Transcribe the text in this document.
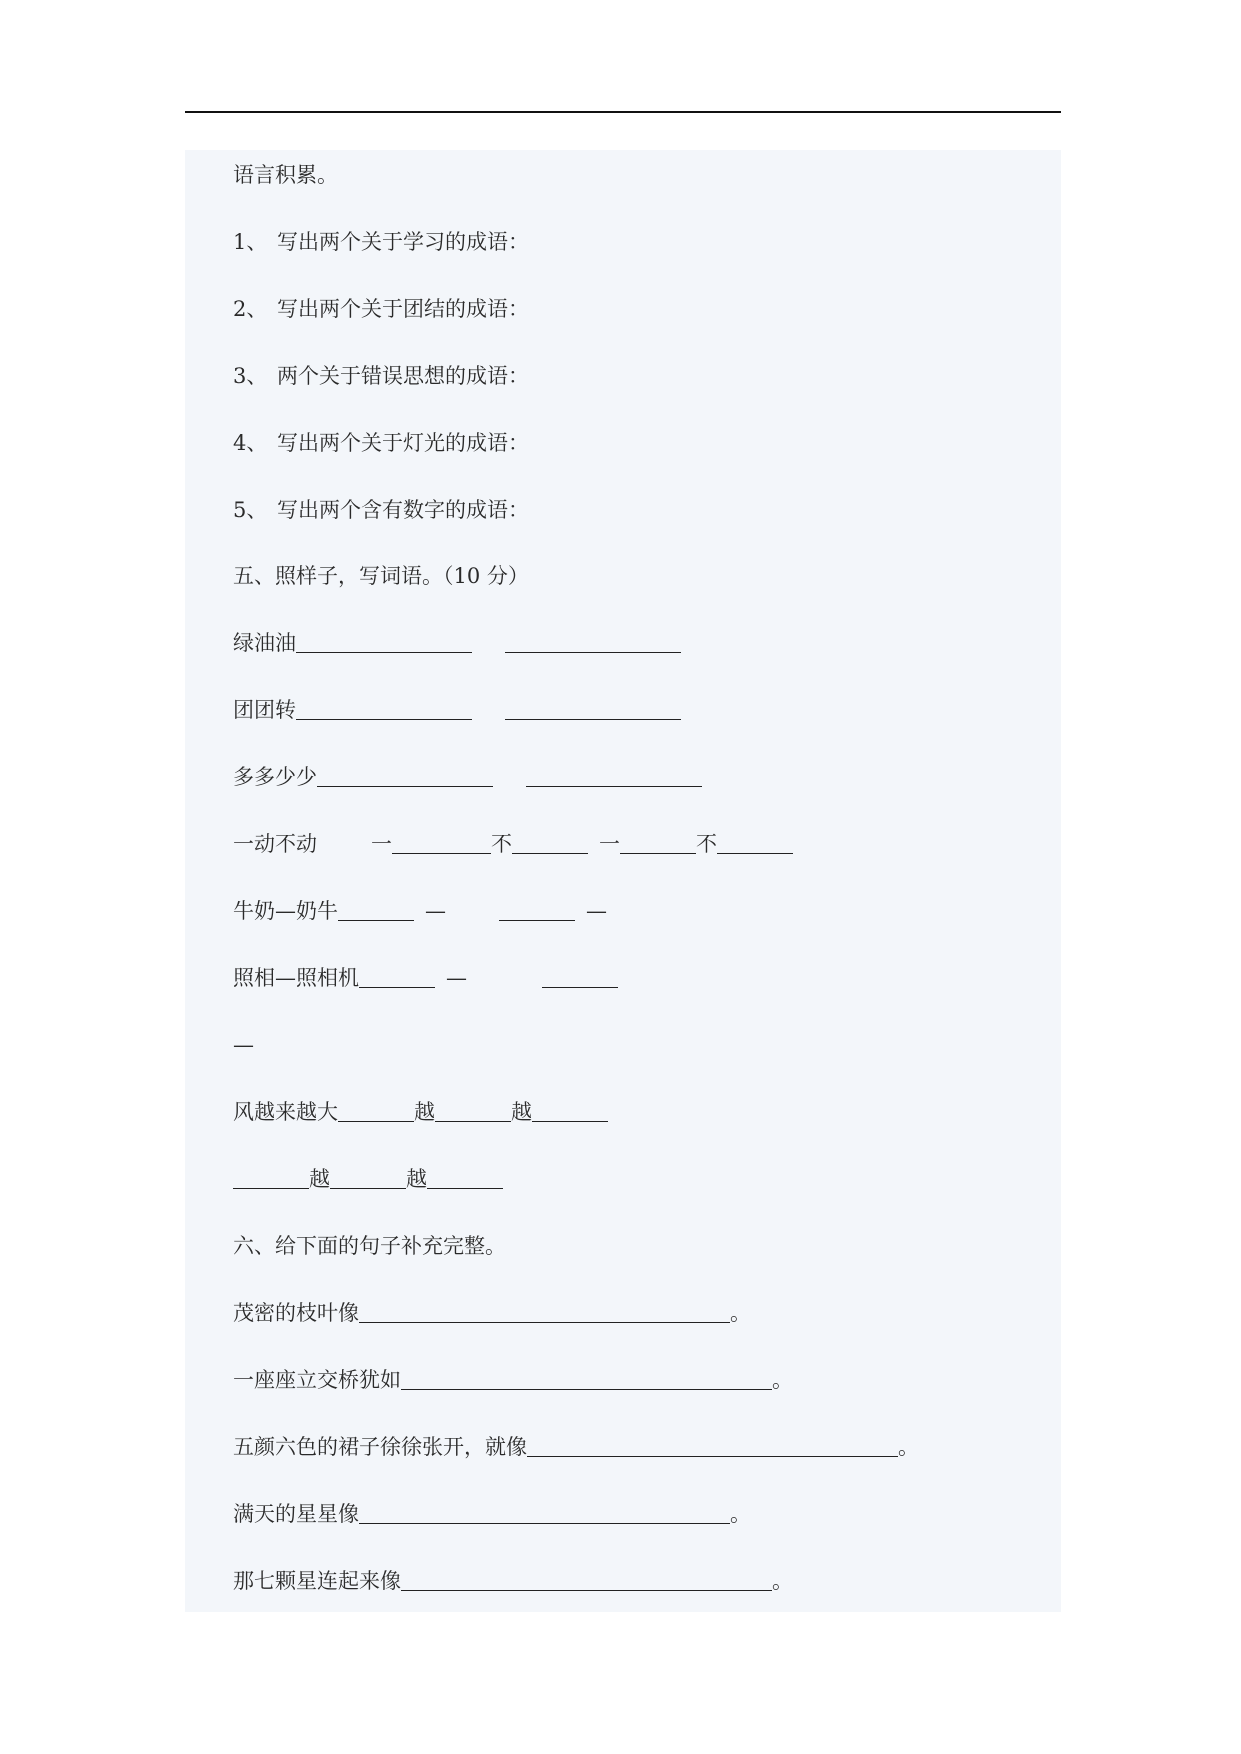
语言积累。
1、 写出两个关于学习的成语：
2、 写出两个关于团结的成语：
3、 两个关于错误思想的成语：
4、 写出两个关于灯光的成语：
5、 写出两个含有数字的成语：
五、照样子，写词语。（10 分）
绿油油
团团转
多多少少
一动不动	一	不	一	不
牛奶—奶牛	—	—
照相—照相机	—
—
风越来越大	越	越
越	越
六、给下面的句子补充完整。
茂密的枝叶像	。
一座座立交桥犹如	。
五颜六色的裙子徐徐张开，就像	。
满天的星星像	。
那七颗星连起来像	。
